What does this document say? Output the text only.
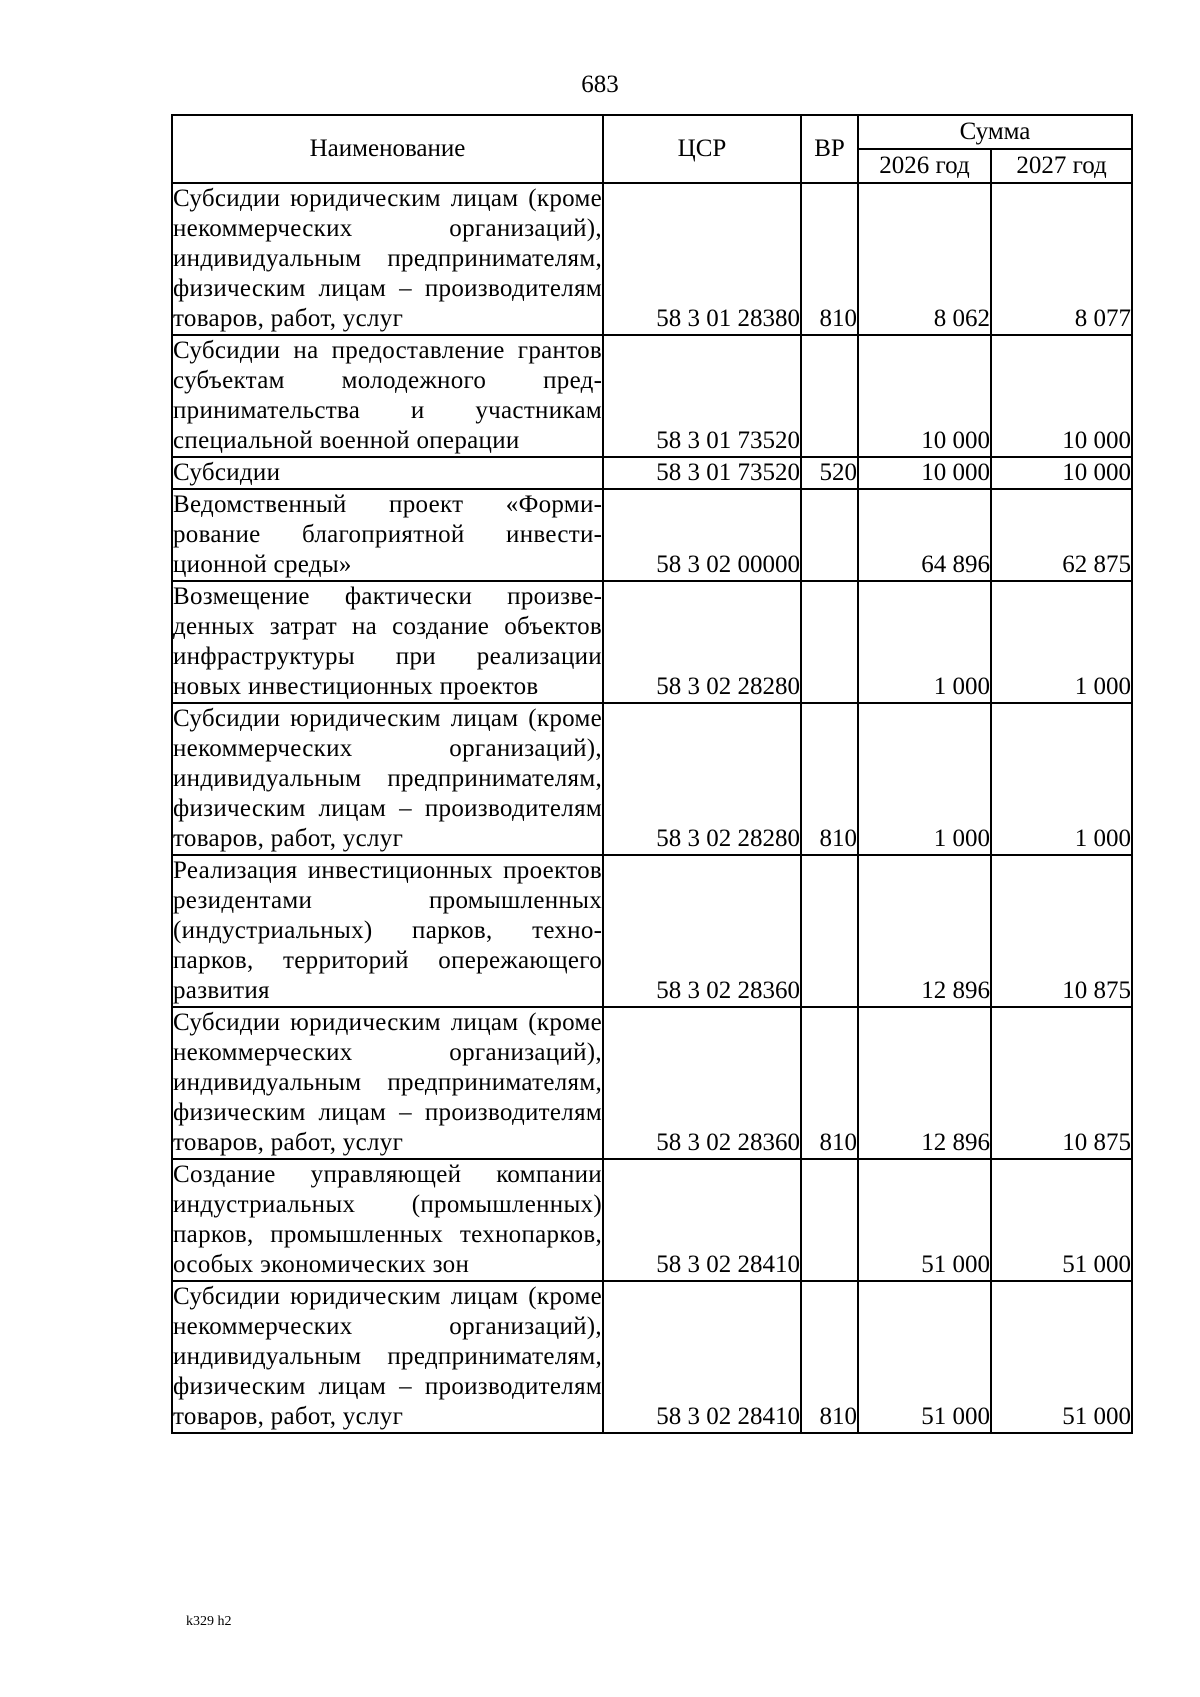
683
Наименование	ЦСР	ВР	Сумма	
			2026 год	2027 год
Субсидии юридическим лицам (кроме некоммерческих организаций), индивидуальным предпринимателям, физическим лицам – производителям товаров, работ, услуг	58 3 01 28380	810	8 062	8 077
Субсидии на предоставление грантов субъектам молодежного предпринимательства и участникам специальной военной операции	58 3 01 73520		10 000	10 000
Субсидии	58 3 01 73520	520	10 000	10 000
Ведомственный проект «Формирование благоприятной инвестиционной среды»	58 3 02 00000		64 896	62 875
Возмещение фактически произведенных затрат на создание объектов инфраструктуры при реализации новых инвестиционных проектов	58 3 02 28280		1 000	1 000
Субсидии юридическим лицам (кроме некоммерческих организаций), индивидуальным предпринимателям, физическим лицам – производителям товаров, работ, услуг	58 3 02 28280	810	1 000	1 000
Реализация инвестиционных проектов резидентами промышленных (индустриальных) парков, технопарков, территорий опережающего развития	58 3 02 28360		12 896	10 875
Субсидии юридическим лицам (кроме некоммерческих организаций), индивидуальным предпринимателям, физическим лицам – производителям товаров, работ, услуг	58 3 02 28360	810	12 896	10 875
Создание управляющей компании индустриальных (промышленных) парков, промышленных технопарков, особых экономических зон	58 3 02 28410		51 000	51 000
Субсидии юридическим лицам (кроме некоммерческих организаций), индивидуальным предпринимателям, физическим лицам – производителям товаров, работ, услуг	58 3 02 28410	810	51 000	51 000
k329 h2
